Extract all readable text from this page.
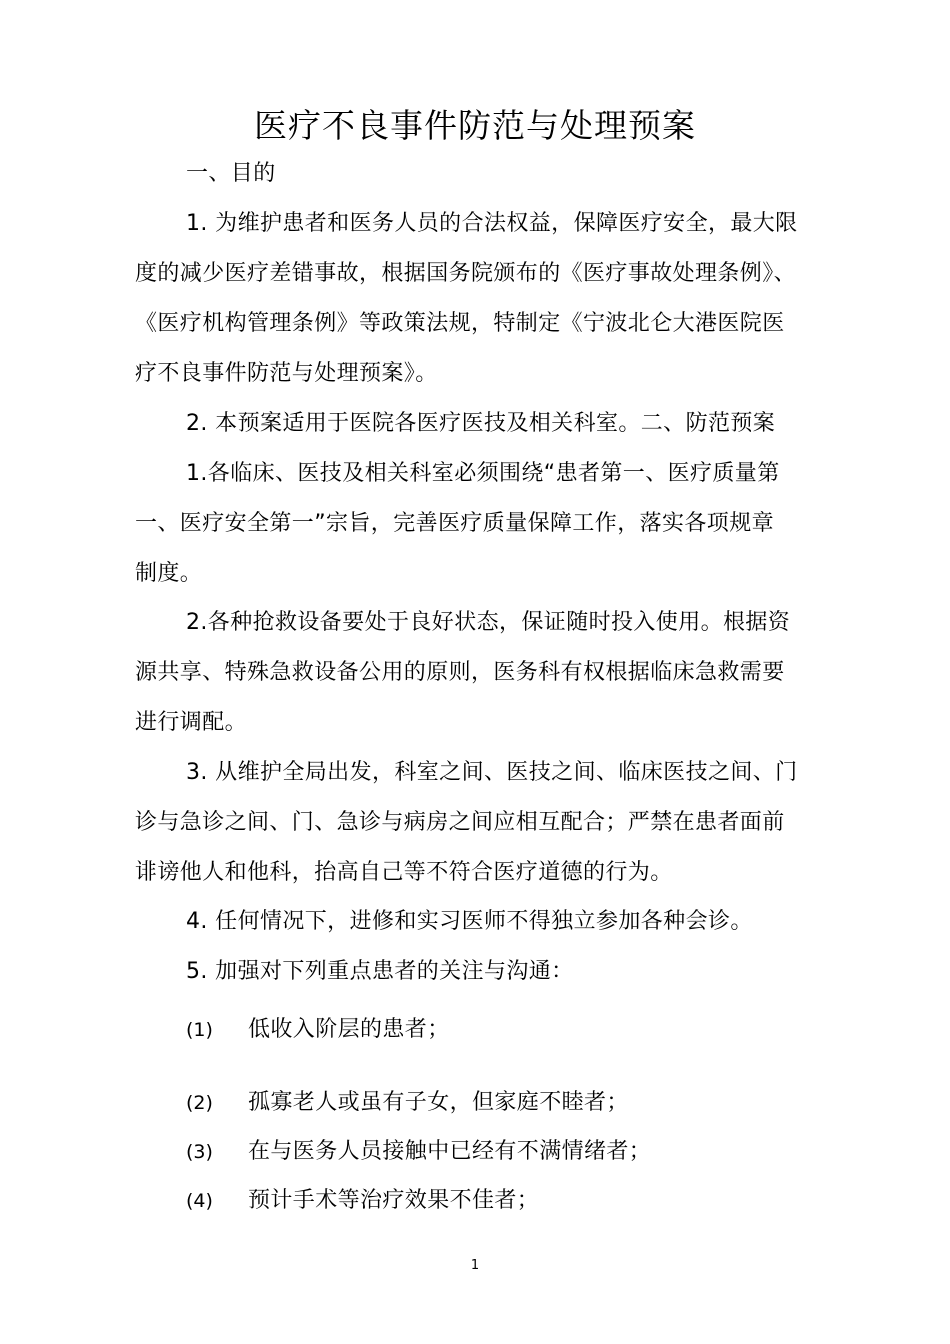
医疗不良事件防范与处理预案
一、目的
1. 为维护患者和医务人员的合法权益，保障医疗安全，最大限
度的减少医疗差错事故，根据国务院颁布的《医疗事故处理条例》、
《医疗机构管理条例》等政策法规，特制定《宁波北仑大港医院医
疗不良事件防范与处理预案》。
2. 本预案适用于医院各医疗医技及相关科室。二、防范预案
1.各临床、医技及相关科室必须围绕“患者第一、医疗质量第
一、医疗安全第一”宗旨，完善医疗质量保障工作，落实各项规章
制度。
2.各种抢救设备要处于良好状态，保证随时投入使用。根据资
源共享、特殊急救设备公用的原则，医务科有权根据临床急救需要
进行调配。
3. 从维护全局出发，科室之间、医技之间、临床医技之间、门
诊与急诊之间、门、急诊与病房之间应相互配合；严禁在患者面前
诽谤他人和他科，抬高自己等不符合医疗道德的行为。
4. 任何情况下，进修和实习医师不得独立参加各种会诊。
5. 加强对下列重点患者的关注与沟通：
(1) 低收入阶层的患者；
(2) 孤寡老人或虽有子女，但家庭不睦者；
(3) 在与医务人员接触中已经有不满情绪者；
(4) 预计手术等治疗效果不佳者；
1
